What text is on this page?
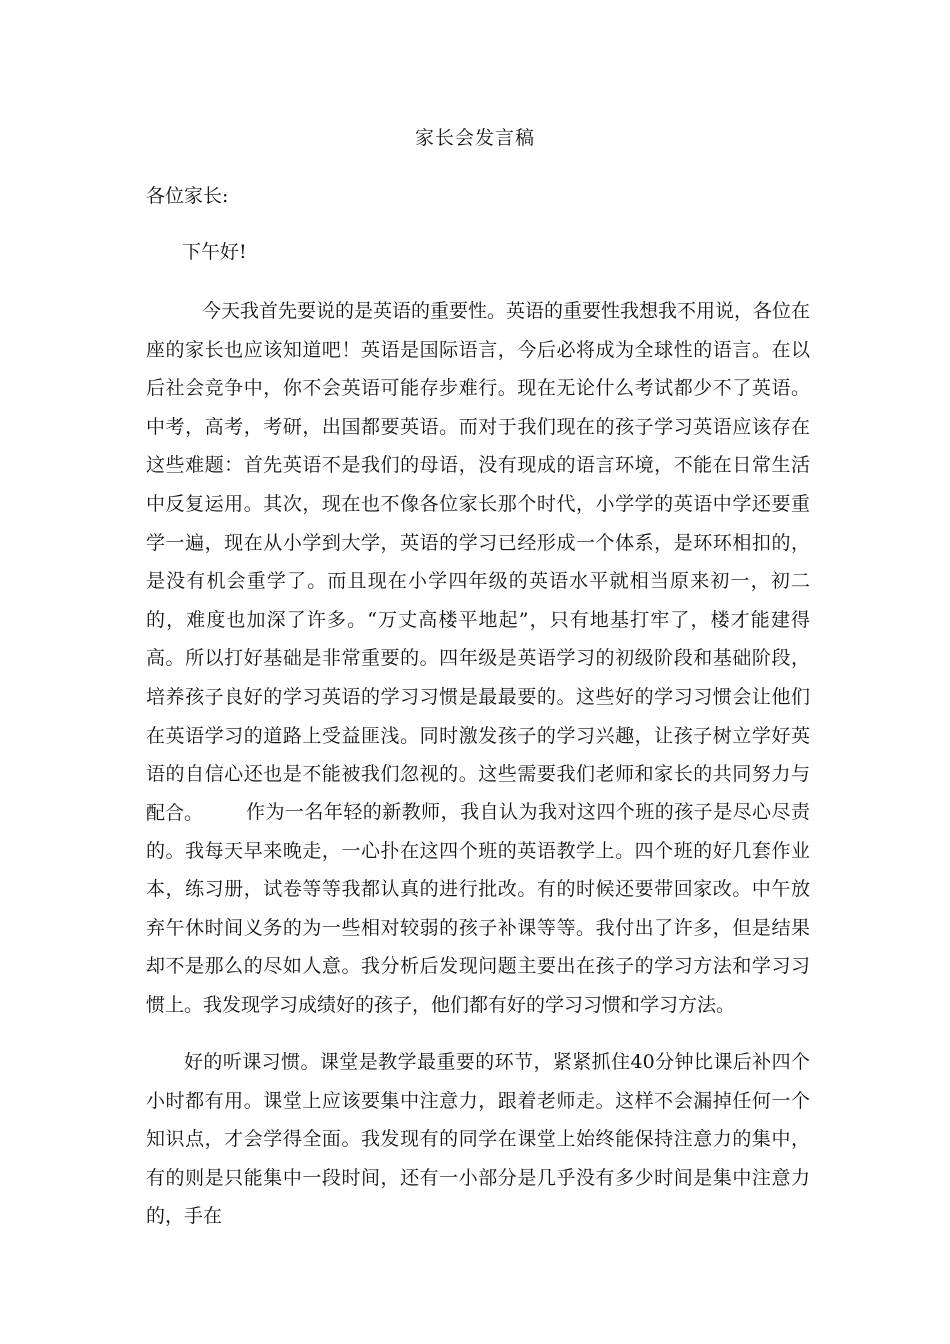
家长会发言稿
各位家长:
下午好!

今天我首先要说的是英语的重要性。英语的重要性我想我不用说，各位在座的家长也应该知道吧！英语是国际语言，今后必将成为全球性的语言。在以后社会竞争中，你不会英语可能存步难行。现在无论什么考试都少不了英语。中考，高考，考研，出国都要英语。而对于我们现在的孩子学习英语应该存在这些难题：首先英语不是我们的母语，没有现成的语言环境，不能在日常生活中反复运用。其次，现在也不像各位家长那个时代，小学学的英语中学还要重学一遍，现在从小学到大学，英语的学习已经形成一个体系，是环环相扣的，是没有机会重学了。而且现在小学四年级的英语水平就相当原来初一，初二的，难度也加深了许多。“万丈高楼平地起”，只有地基打牢了，楼才能建得高。所以打好基础是非常重要的。四年级是英语学习的初级阶段和基础阶段，培养孩子良好的学习英语的学习习惯是最最要的。这些好的学习习惯会让他们在英语学习的道路上受益匪浅。同时激发孩子的学习兴趣，让孩子树立学好英语的自信心还也是不能被我们忽视的。这些需要我们老师和家长的共同努力与配合。	作为一名年轻的新教师，我自认为我对这四个班的孩子是尽心尽责的。我每天早来晚走，一心扑在这四个班的英语教学上。四个班的好几套作业本，练习册，试卷等等我都认真的进行批改。有的时候还要带回家改。中午放弃午休时间义务的为一些相对较弱的孩子补课等等。我付出了许多，但是结果却不是那么的尽如人意。我分析后发现问题主要出在孩子的学习方法和学习习惯上。我发现学习成绩好的孩子，他们都有好的学习习惯和学习方法。

好的听课习惯。课堂是教学最重要的环节，紧紧抓住40分钟比课后补四个小时都有用。课堂上应该要集中注意力，跟着老师走。这样不会漏掉任何一个知识点，才会学得全面。我发现有的同学在课堂上始终能保持注意力的集中，有的则是只能集中一段时间，还有一小部分是几乎没有多少时间是集中注意力的，手在
